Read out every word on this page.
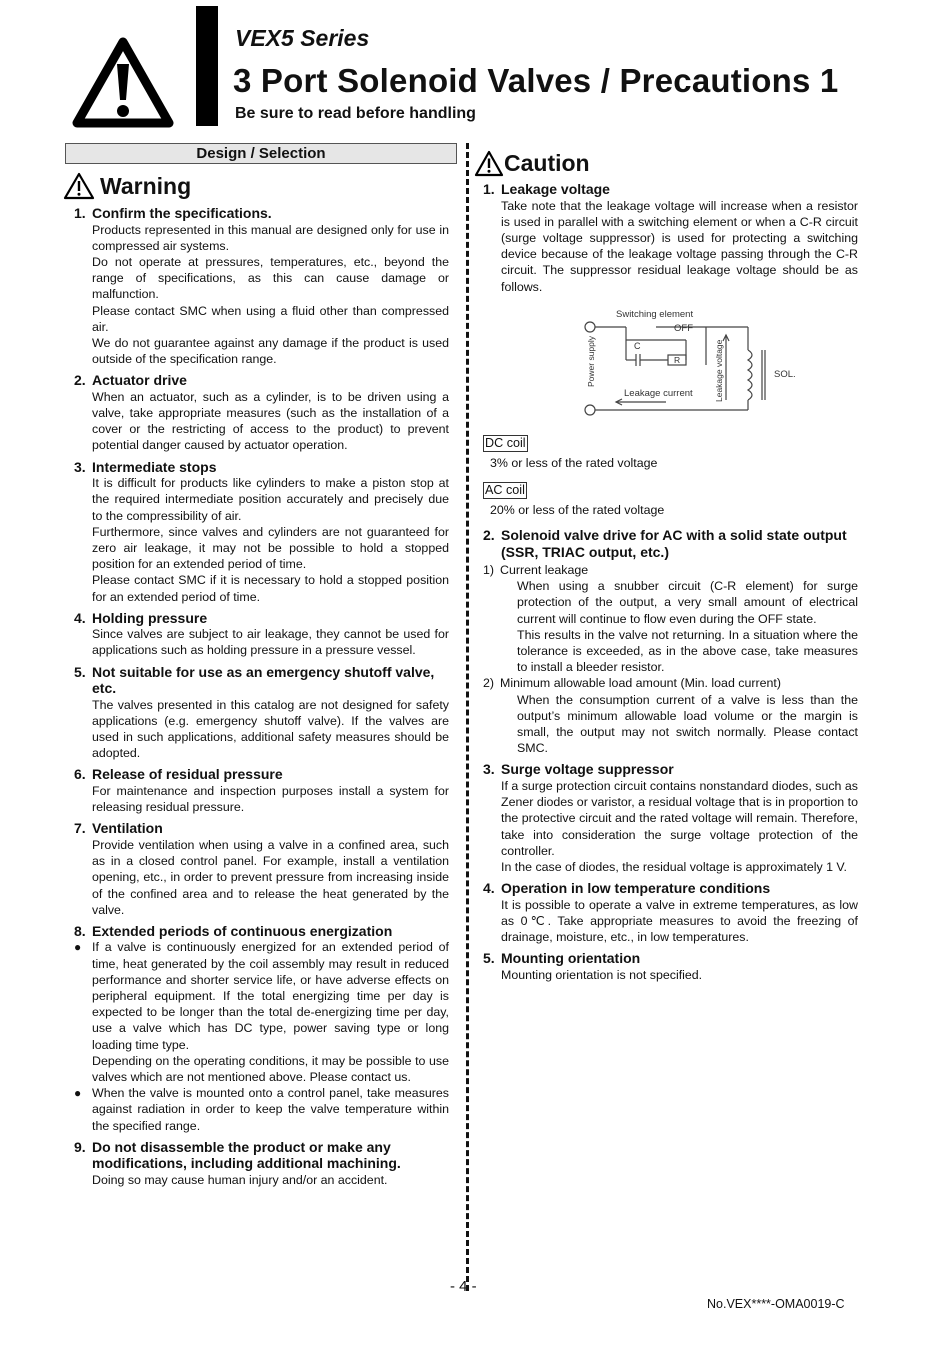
VEX5 Series
3 Port Solenoid Valves / Precautions 1
Be sure to read before handling
Design / Selection
Warning
1. Confirm the specifications.

Products represented in this manual are designed only for use in compressed air systems.

Do not operate at pressures, temperatures, etc., beyond the range of specifications, as this can cause damage or malfunction.

Please contact SMC when using a fluid other than compressed air.

We do not guarantee against any damage if the product is used outside of the specification range.

2. Actuator drive

When an actuator, such as a cylinder, is to be driven using a valve, take appropriate measures (such as the installation of a cover or the restricting of access to the product) to prevent potential danger caused by actuator operation.

3. Intermediate stops

It is difficult for products like cylinders to make a piston stop at the required intermediate position accurately and precisely due to the compressibility of air.

Furthermore, since valves and cylinders are not guaranteed for zero air leakage, it may not be possible to hold a stopped position for an extended period of time.

Please contact SMC if it is necessary to hold a stopped position for an extended period of time.

4. Holding pressure

Since valves are subject to air leakage, they cannot be used for applications such as holding pressure in a pressure vessel.

5. Not suitable for use as an emergency shutoff valve, etc.

The valves presented in this catalog are not designed for safety applications (e.g. emergency shutoff valve). If the valves are used in such applications, additional safety measures should be adopted.

6. Release of residual pressure

For maintenance and inspection purposes install a system for releasing residual pressure.

7. Ventilation

Provide ventilation when using a valve in a confined area, such as in a closed control panel. For example, install a ventilation opening, etc., in order to prevent pressure from increasing inside of the confined area and to release the heat generated by the valve.

8. Extended periods of continuous energization
● If a valve is continuously energized for an extended period of time, heat generated by the coil assembly may result in reduced performance and shorter service life, or have adverse effects on peripheral equipment. If the total energizing time per day is expected to be longer than the total de-energizing time per day, use a valve which has DC type, power saving type or long loading time type.

Depending on the operating conditions, it may be possible to use valves which are not mentioned above. Please contact us.

● When the valve is mounted onto a control panel, take measures against radiation in order to keep the valve temperature within the specified range.

9. Do not disassemble the product or make any modifications, including additional machining.

Doing so may cause human injury and/or an accident.

Caution
1. Leakage voltage

Take note that the leakage voltage will increase when a resistor is used in parallel with a switching element or when a C-R circuit (surge voltage suppressor) is used for protecting a switching device because of the leakage voltage passing through the C-R circuit. The suppressor residual leakage voltage should be as follows.

Switching element
OFF
C
R
Power supply
Leakage current	Leakage voltage	SOL.
DC coil
3% or less of the rated voltage
AC coil
20% or less of the rated voltage
2. Solenoid valve drive for AC with a solid state output (SSR, TRIAC output, etc.)
1) Current leakage

When using a snubber circuit (C-R element) for surge protection of the output, a very small amount of electrical current will continue to flow even during the OFF state.

This results in the valve not returning. In a situation where the tolerance is exceeded, as in the above case, take measures to install a bleeder resistor.

2) Minimum allowable load amount (Min. load current)

When the consumption current of a valve is less than the output’s minimum allowable load volume or the margin is small, the output may not switch normally. Please contact SMC.

3. Surge voltage suppressor

If a surge protection circuit contains nonstandard diodes, such as Zener diodes or varistor, a residual voltage that is in proportion to the protective circuit and the rated voltage will remain. Therefore, take into consideration the surge voltage protection of the controller.

In the case of diodes, the residual voltage is approximately 1 V.

4. Operation in low temperature conditions

It is possible to operate a valve in extreme temperatures, as low as 0℃. Take appropriate measures to avoid the freezing of drainage, moisture, etc., in low temperatures.

5. Mounting orientation

Mounting orientation is not specified.

- 4 -
No.VEX****-OMA0019-C
